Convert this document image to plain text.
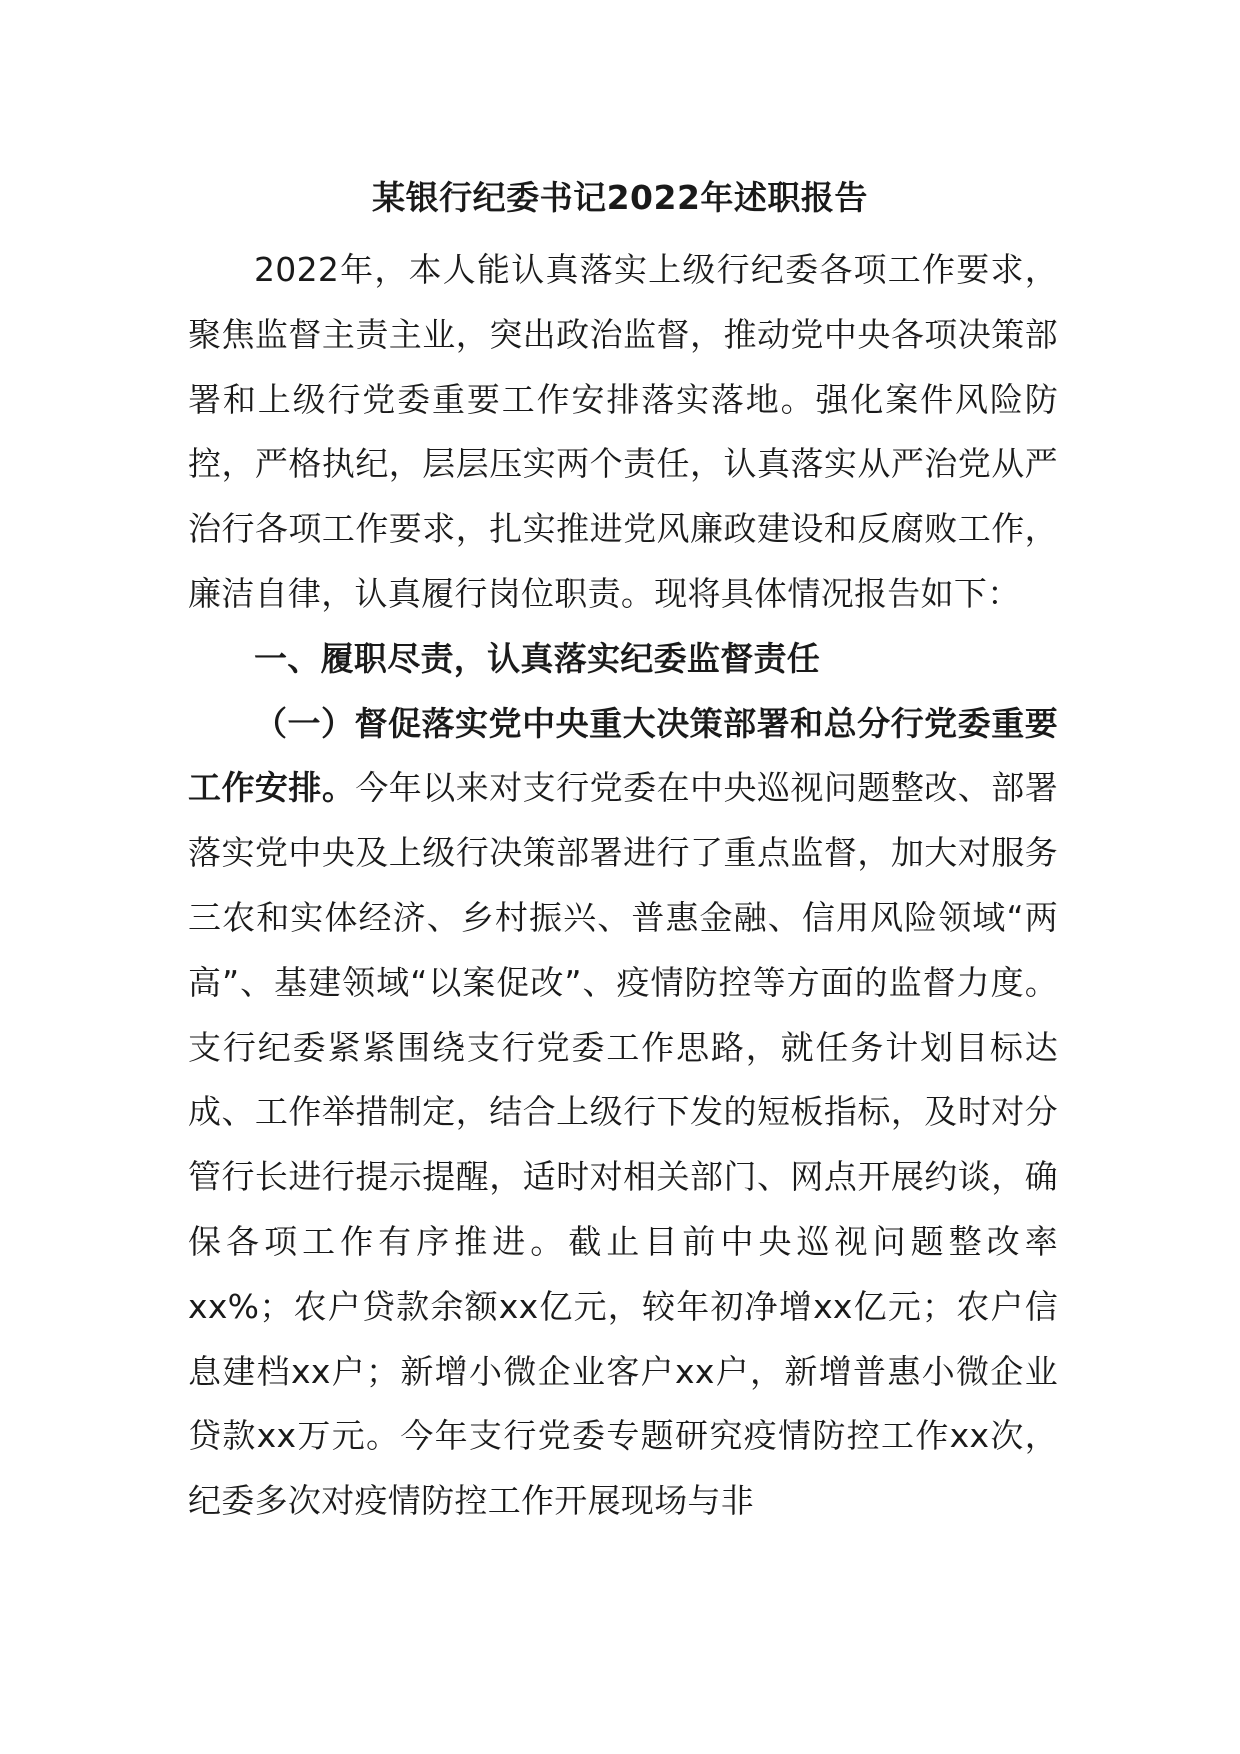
某银行纪委书记2022年述职报告

2022年，本人能认真落实上级行纪委各项工作要求，聚焦监督主责主业，突出政治监督，推动党中央各项决策部署和上级行党委重要工作安排落实落地。强化案件风险防控，严格执纪，层层压实两个责任，认真落实从严治党从严治行各项工作要求，扎实推进党风廉政建设和反腐败工作，廉洁自律，认真履行岗位职责。现将具体情况报告如下：

一、履职尽责，认真落实纪委监督责任

（一）督促落实党中央重大决策部署和总分行党委重要工作安排。今年以来对支行党委在中央巡视问题整改、部署落实党中央及上级行决策部署进行了重点监督，加大对服务三农和实体经济、乡村振兴、普惠金融、信用风险领域“两高”、基建领域“以案促改”、疫情防控等方面的监督力度。支行纪委紧紧围绕支行党委工作思路，就任务计划目标达成、工作举措制定，结合上级行下发的短板指标，及时对分管行长进行提示提醒，适时对相关部门、网点开展约谈，确保各项工作有序推进。截止目前中央巡视问题整改率xx%；农户贷款余额xx亿元，较年初净增xx亿元；农户信息建档xx户；新增小微企业客户xx户，新增普惠小微企业贷款xx万元。今年支行党委专题研究疫情防控工作xx次，纪委多次对疫情防控工作开展现场与非
